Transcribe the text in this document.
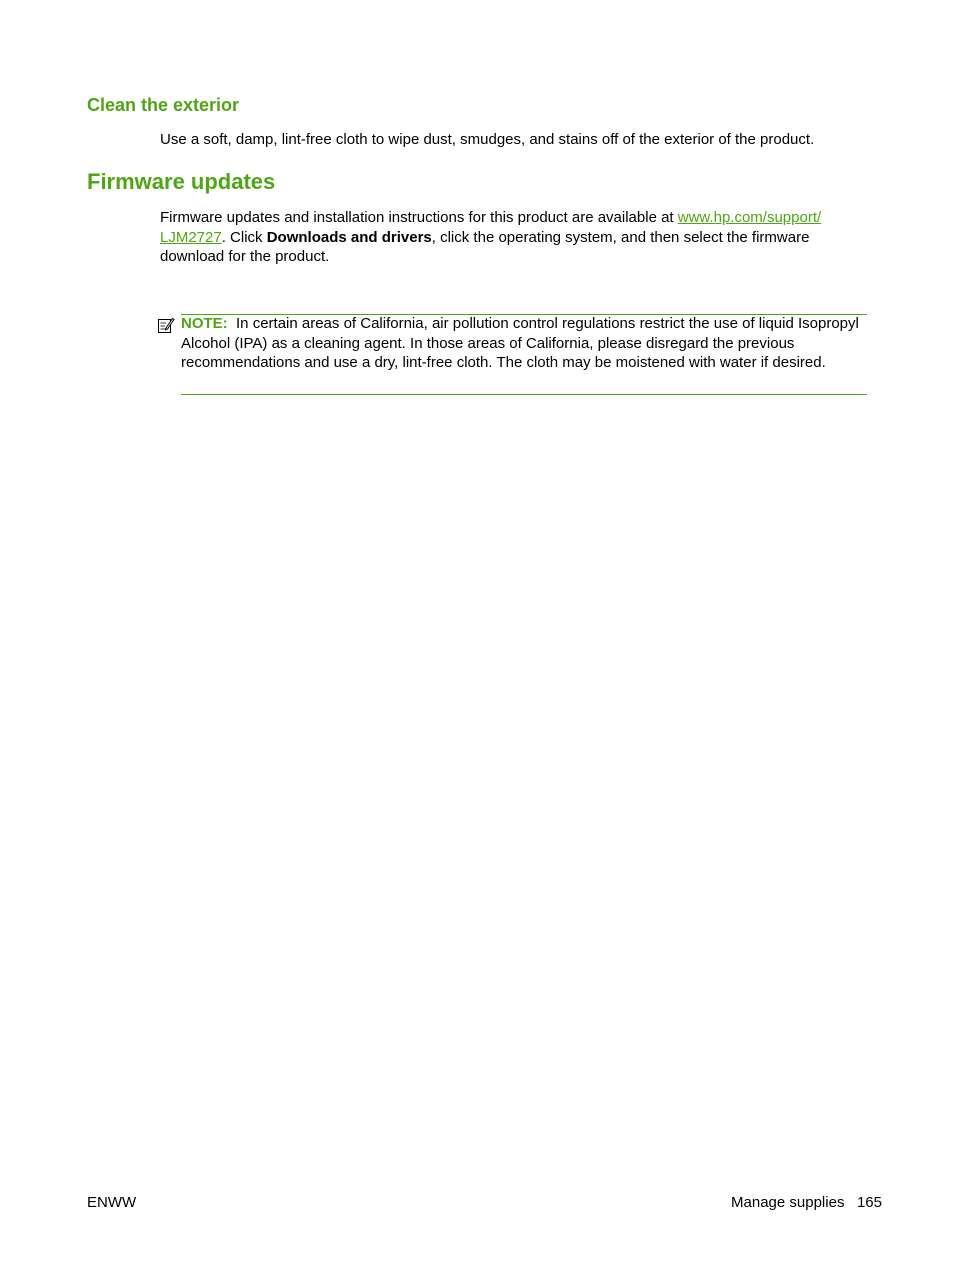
Clean the exterior

Use a soft, damp, lint-free cloth to wipe dust, smudges, and stains off of the exterior of the product.

Firmware updates

Firmware updates and installation instructions for this product are available at www.hp.com/support/
LJM2727. Click Downloads and drivers, click the operating system, and then select the firmware download for the product.

NOTE: In certain areas of California, air pollution control regulations restrict the use of liquid Isopropyl Alcohol (IPA) as a cleaning agent. In those areas of California, please disregard the previous recommendations and use a dry, lint-free cloth. The cloth may be moistened with water if desired.

ENWW	Manage supplies 165
